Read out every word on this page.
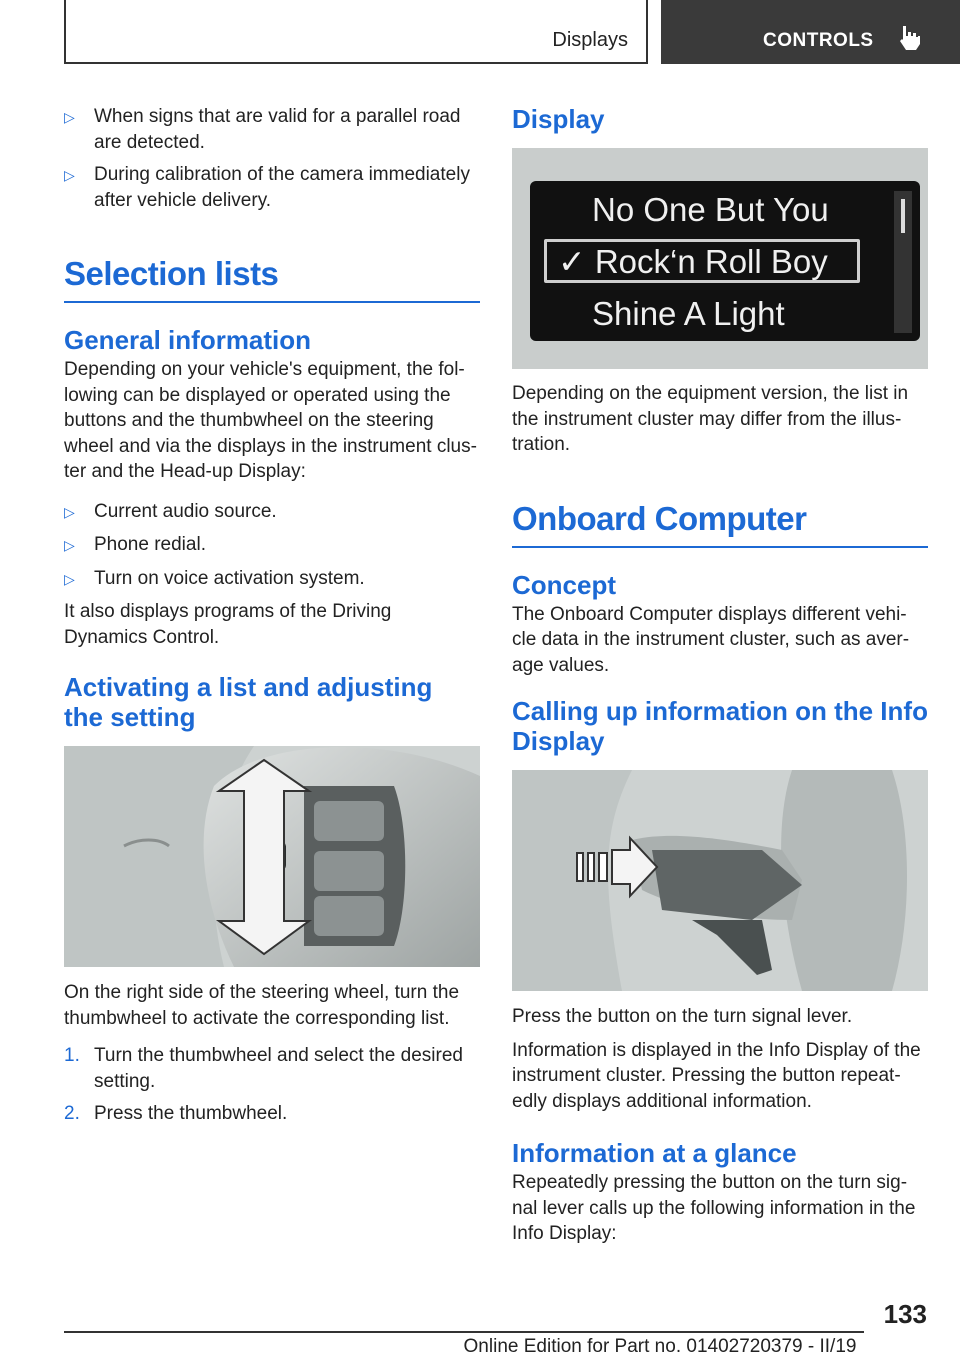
Displays	CONTROLS
▷	When signs that are valid for a parallel road are detected.
▷	During calibration of the camera immediately after vehicle delivery.
Selection lists
General information

Depending on your vehicle's equipment, the fol‐lowing can be displayed or operated using the buttons and the thumbwheel on the steering wheel and via the displays in the instrument clus‐ter and the Head-up Display:

▷	Current audio source.
▷	Phone redial.
▷	Turn on voice activation system.

It also displays programs of the Driving Dynamics Control.

Activating a list and adjusting the setting

On the right side of the steering wheel, turn the thumbwheel to activate the corresponding list.

1. Turn the thumbwheel and select the desired setting.
2. Press the thumbwheel.
Display
No One But You
✓ Rock‘n Roll Boy
Shine A Light

Depending on the equipment version, the list in the instrument cluster may differ from the illus‐tration.

Onboard Computer
Concept

The Onboard Computer displays different vehi‐cle data in the instrument cluster, such as aver‐age values.

Calling up information on the Info Display

Press the button on the turn signal lever.

Information is displayed in the Info Display of the instrument cluster. Pressing the button repeat‐edly displays additional information.

Information at a glance

Repeatedly pressing the button on the turn sig‐nal lever calls up the following information in the Info Display:

133
Online Edition for Part no. 01402720379 - II/19
